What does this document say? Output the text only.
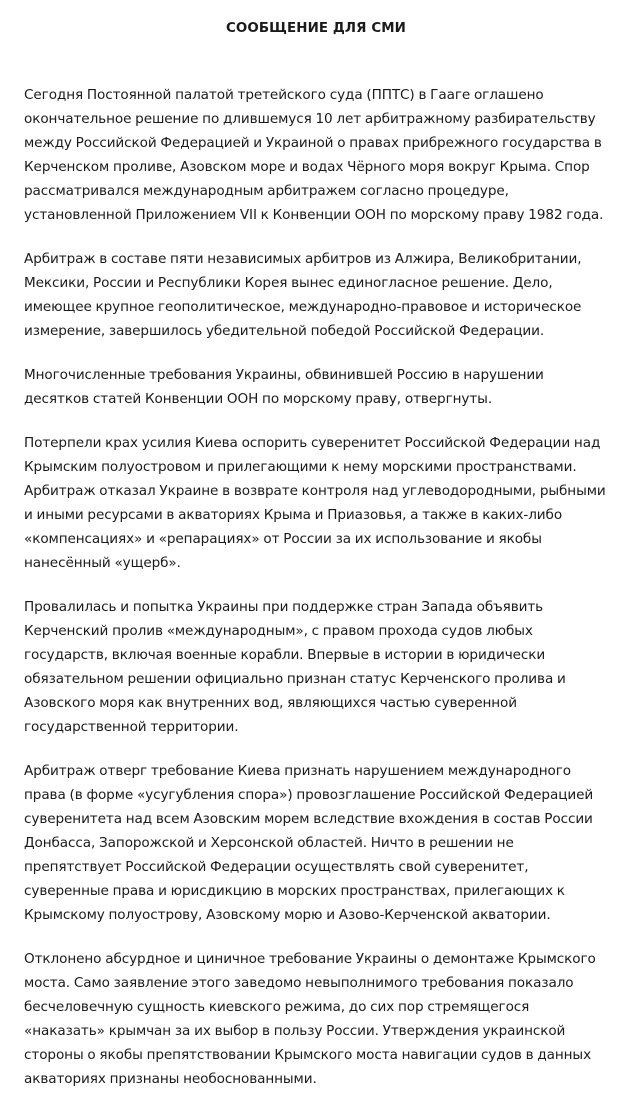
СООБЩЕНИЕ ДЛЯ СМИ

Сегодня Постоянной палатой третейского суда (ППТС) в Гааге оглашено окончательное решение по длившемуся 10 лет арбитражному разбирательству между Российской Федерацией и Украиной о правах прибрежного государства в Керченском проливе, Азовском море и водах Чёрного моря вокруг Крыма. Спор рассматривался международным арбитражем согласно процедуре, установленной Приложением VII к Конвенции ООН по морскому праву 1982 года.

Арбитраж в составе пяти независимых арбитров из Алжира, Великобритании, Мексики, России и Республики Корея вынес единогласное решение. Дело, имеющее крупное геополитическое, международно-правовое и историческое измерение, завершилось убедительной победой Российской Федерации.

Многочисленные требования Украины, обвинившей Россию в нарушении десятков статей Конвенции ООН по морскому праву, отвергнуты.

Потерпели крах усилия Киева оспорить суверенитет Российской Федерации над Крымским полуостровом и прилегающими к нему морскими пространствами. Арбитраж отказал Украине в возврате контроля над углеводородными, рыбными и иными ресурсами в акваториях Крыма и Приазовья, а также в каких-либо «компенсациях» и «репарациях» от России за их использование и якобы нанесённый «ущерб».

Провалилась и попытка Украины при поддержке стран Запада объявить Керченский пролив «международным», с правом прохода судов любых государств, включая военные корабли. Впервые в истории в юридически обязательном решении официально признан статус Керченского пролива и Азовского моря как внутренних вод, являющихся частью суверенной государственной территории.

Арбитраж отверг требование Киева признать нарушением международного права (в форме «усугубления спора») провозглашение Российской Федерацией суверенитета над всем Азовским морем вследствие вхождения в состав России Донбасса, Запорожской и Херсонской областей. Ничто в решении не препятствует Российской Федерации осуществлять свой суверенитет, суверенные права и юрисдикцию в морских пространствах, прилегающих к Крымскому полуострову, Азовскому морю и Азово-Керченской акватории.

Отклонено абсурдное и циничное требование Украины о демонтаже Крымского моста. Само заявление этого заведомо невыполнимого требования показало бесчеловечную сущность киевского режима, до сих пор стремящегося «наказать» крымчан за их выбор в пользу России. Утверждения украинской стороны о якобы препятствовании Крымского моста навигации судов в данных акваториях признаны необоснованными.
